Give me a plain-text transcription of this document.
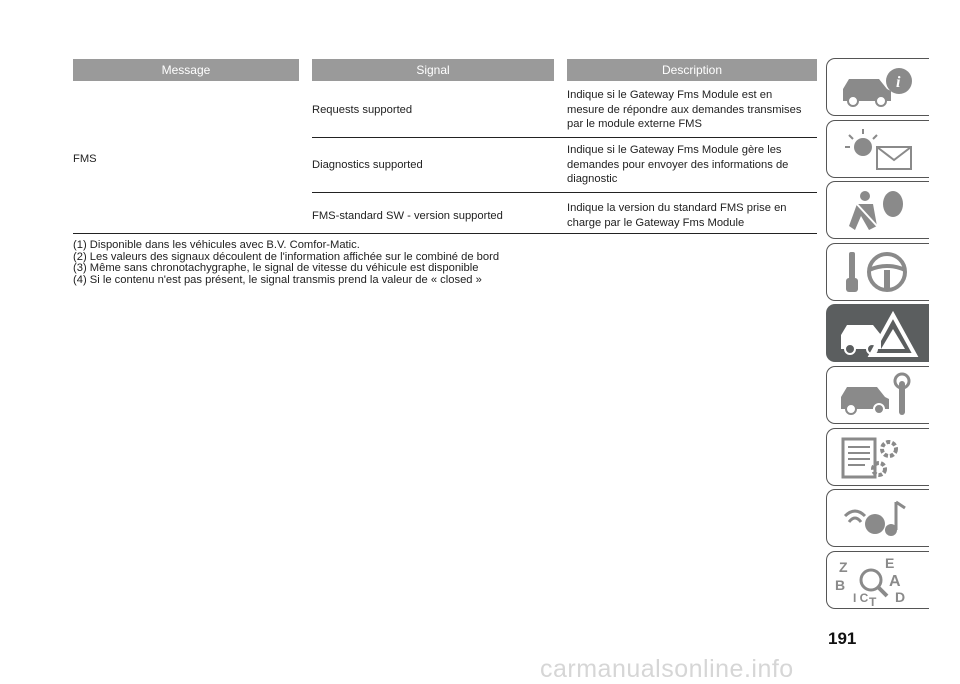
Message	Signal	Description
FMS
Requests supported
Indique si le Gateway Fms Module est en
mesure de répondre aux demandes transmises
par le module externe FMS
Diagnostics supported
Indique si le Gateway Fms Module gère les
demandes pour envoyer des informations de
diagnostic
FMS-standard SW - version supported
Indique la version du standard FMS prise en
charge par le Gateway Fms Module
(1) Disponible dans les véhicules avec B.V. Comfor-Matic.
(2) Les valeurs des signaux découlent de l'information affichée sur le combiné de bord
(3) Même sans chronotachygraphe, le signal de vitesse du véhicule est disponible
(4) Si le contenu n'est pas présent, le signal transmis prend la valeur de « closed »
i
Z
B
I C T
E
A
D
191
carmanualsonline.info
